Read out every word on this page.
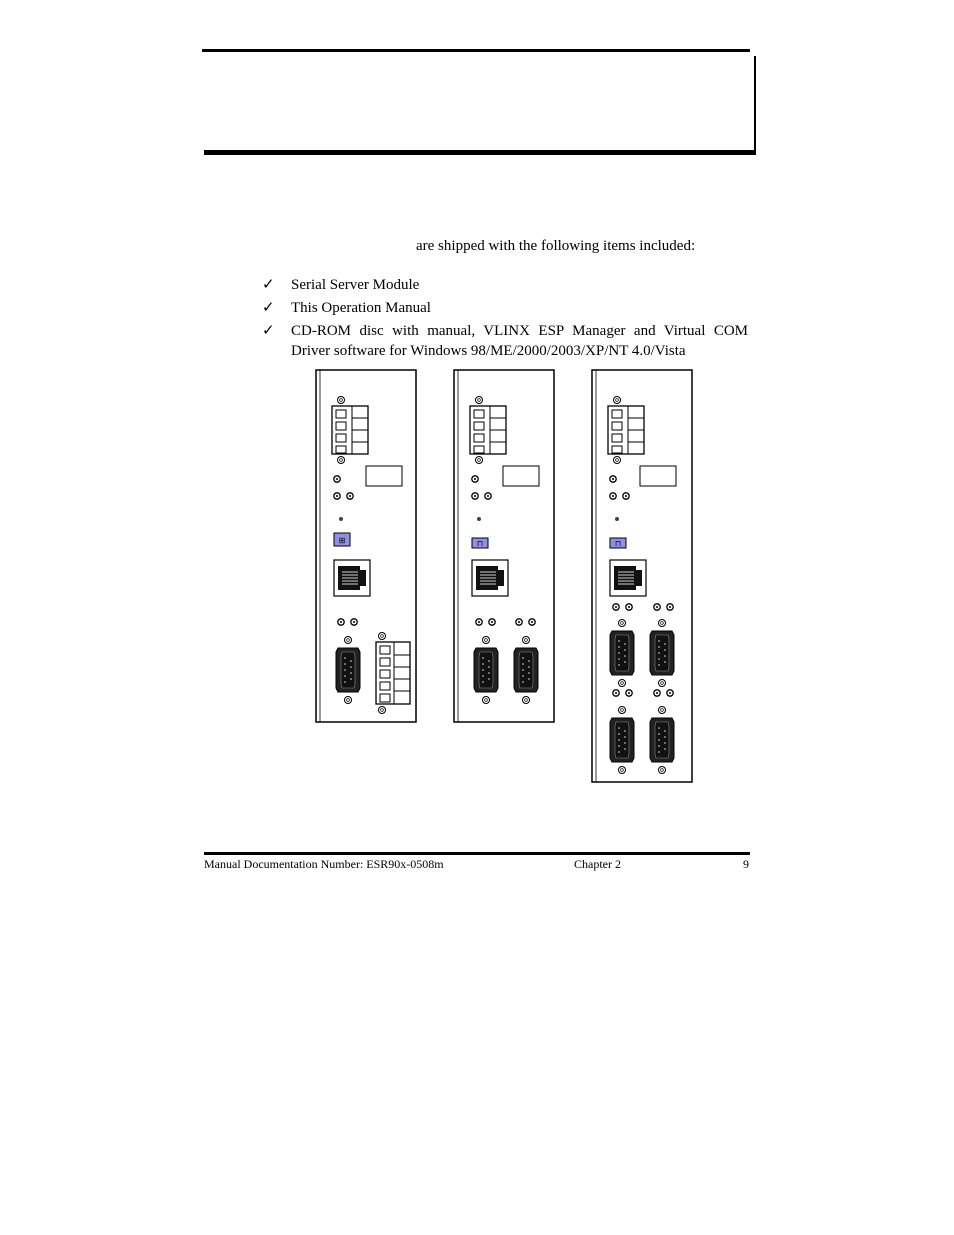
are shipped with the following items included:
✓ Serial Server Module
✓ This Operation Manual
✓ CD-ROM disc with manual, VLINX ESP Manager and Virtual COM
Driver software for Windows 98/ME/2000/2003/XP/NT 4.0/Vista
⊞	⊓	⊓
Manual Documentation Number: ESR90x-0508m	Chapter 2	9
